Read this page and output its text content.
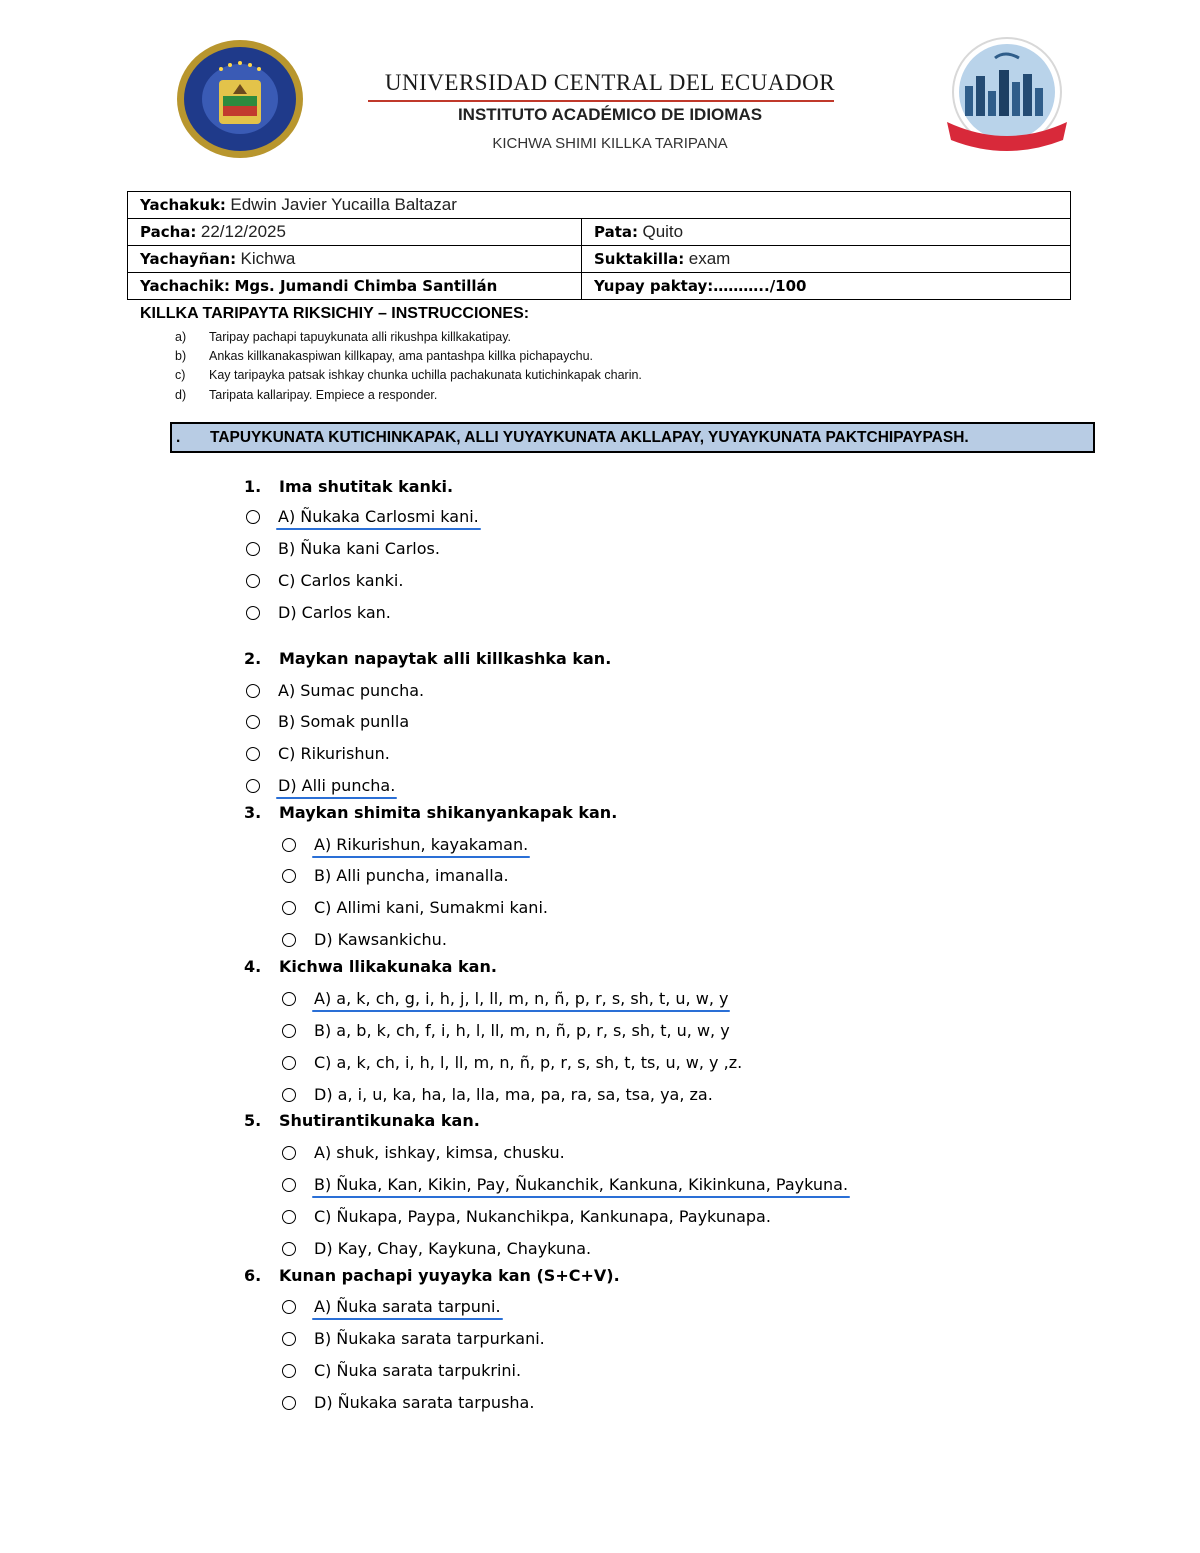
UNIVERSIDAD CENTRAL DEL ECUADOR
INSTITUTO ACADÉMICO DE IDIOMAS
KICHWA SHIMI KILLKA TARIPANA
Yachakuk: Edwin Javier Yucailla Baltazar	
Pacha: 22/12/2025	Pata: Quito
Yachayñan: Kichwa	Suktakilla: exam
Yachachik: Mgs. Jumandi Chimba Santillán	Yupay paktay:………../100
KILLKA TARIPAYTA RIKSICHIY – INSTRUCCIONES:
a) Taripay pachapi tapuykunata alli rikushpa killkakatipay.
b) Ankas killkanakaspiwan killkapay, ama pantashpa killka pichapaychu.
c) Kay taripayka patsak ishkay chunka uchilla pachakunata kutichinkapak charin.
d) Taripata kallaripay. Empiece a responder.
. TAPUYKUNATA KUTICHINKAPAK, ALLI YUYAYKUNATA AKLLAPAY, YUYAYKUNATA PAKTCHIPAYPASH.
1. Ima shutitak kanki.
A) Ñukaka Carlosmi kani.
B) Ñuka kani Carlos.
C) Carlos kanki.
D) Carlos kan.
2. Maykan napaytak alli killkashka kan.
A) Sumac puncha.
B) Somak punlla
C) Rikurishun.
D) Alli puncha.
3. Maykan shimita shikanyankapak kan.
A) Rikurishun, kayakaman.
B) Alli puncha, imanalla.
C) Allimi kani, Sumakmi kani.
D) Kawsankichu.
4. Kichwa llikakunaka kan.
A) a, k, ch, g, i, h, j, l, ll, m, n, ñ, p, r, s, sh, t, u, w, y
B) a, b, k, ch, f, i, h, l, ll, m, n, ñ, p, r, s, sh, t, u, w, y
C) a, k, ch, i, h, l, ll, m, n, ñ, p, r, s, sh, t, ts, u, w, y ,z.
D) a, i, u, ka, ha, la, lla, ma, pa, ra, sa, tsa, ya, za.
5. Shutirantikunaka kan.
A) shuk, ishkay, kimsa, chusku.
B) Ñuka, Kan, Kikin, Pay, Ñukanchik, Kankuna, Kikinkuna, Paykuna.
C) Ñukapa, Paypa, Nukanchikpa, Kankunapa, Paykunapa.
D) Kay, Chay, Kaykuna, Chaykuna.
6. Kunan pachapi yuyayka kan (S+C+V).
A) Ñuka sarata tarpuni.
B) Ñukaka sarata tarpurkani.
C) Ñuka sarata tarpukrini.
D) Ñukaka sarata tarpusha.
